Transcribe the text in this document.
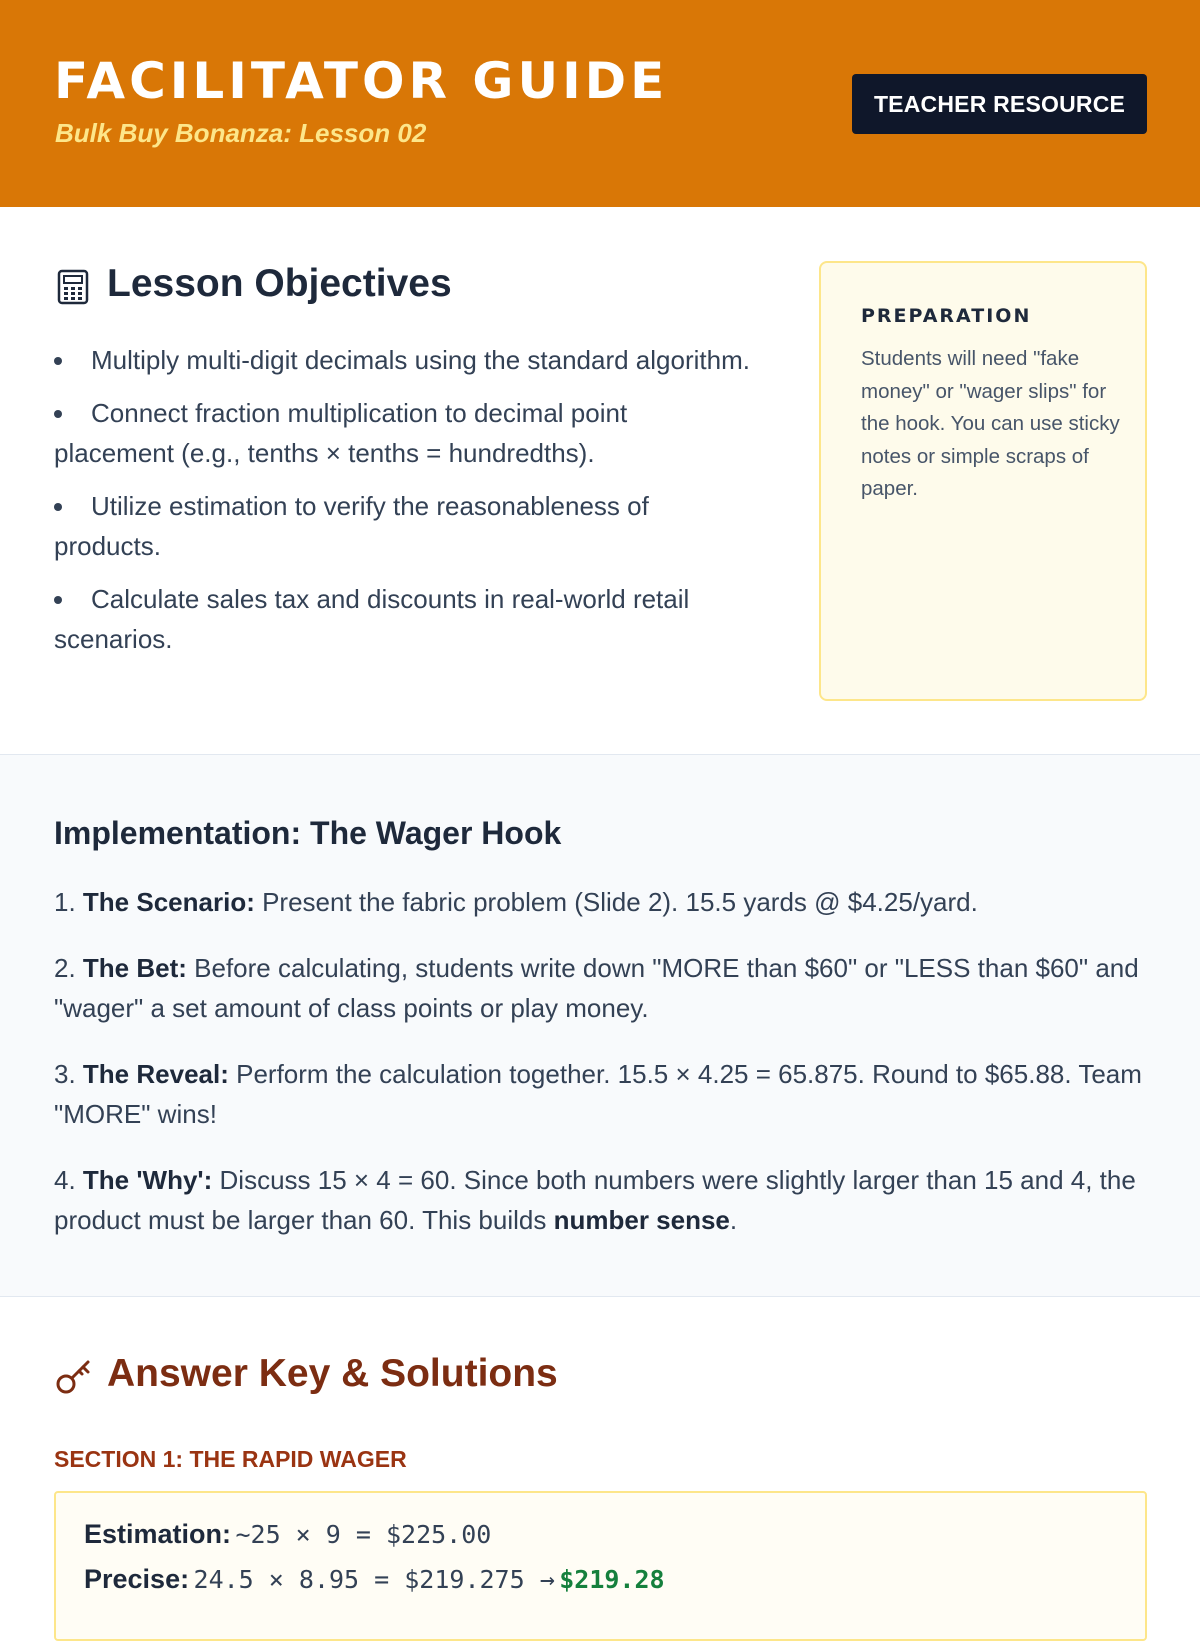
FACILITATOR GUIDE
Bulk Buy Bonanza: Lesson 02
TEACHER RESOURCE
Lesson Objectives
Multiply multi-digit decimals using the standard algorithm.
Connect fraction multiplication to decimal point placement (e.g., tenths × tenths = hundredths).
Utilize estimation to verify the reasonableness of products.
Calculate sales tax and discounts in real-world retail scenarios.
PREPARATION
Students will need "fake money" or "wager slips" for the hook. You can use sticky notes or simple scraps of paper.
Implementation: The Wager Hook
1. The Scenario: Present the fabric problem (Slide 2). 15.5 yards @ $4.25/yard.
2. The Bet: Before calculating, students write down "MORE than $60" or "LESS than $60" and "wager" a set amount of class points or play money.
3. The Reveal: Perform the calculation together. 15.5 × 4.25 = 65.875. Round to $65.88. Team "MORE" wins!
4. The 'Why': Discuss 15 × 4 = 60. Since both numbers were slightly larger than 15 and 4, the product must be larger than 60. This builds number sense.
Answer Key & Solutions
SECTION 1: THE RAPID WAGER
Estimation: ~25 × 9 = $225.00
Precise: 24.5 × 8.95 = $219.275 → $219.28
